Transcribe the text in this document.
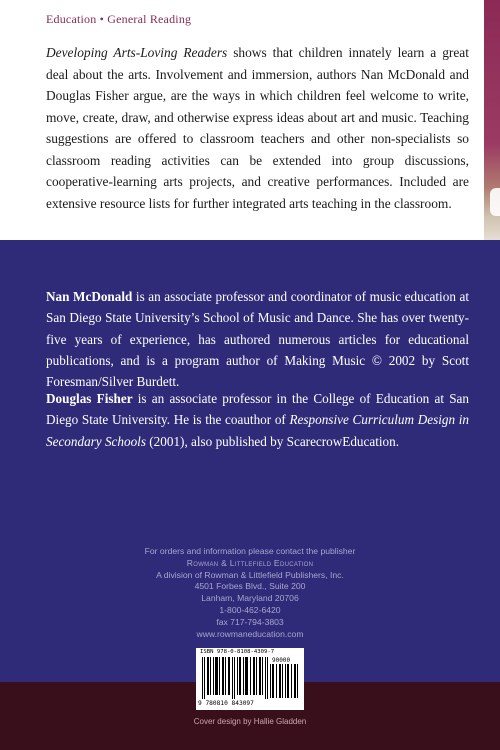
Education • General Reading
Developing Arts-Loving Readers shows that children innately learn a great deal about the arts. Involvement and immersion, authors Nan McDonald and Douglas Fisher argue, are the ways in which children feel welcome to write, move, create, draw, and otherwise express ideas about art and music. Teaching suggestions are offered to classroom teachers and other non-specialists so classroom reading activities can be extended into group discussions, cooperative-learning arts projects, and creative performances. Included are extensive resource lists for further integrated arts teaching in the classroom.
Nan McDonald is an associate professor and coordinator of music education at San Diego State University’s School of Music and Dance. She has over twenty-five years of experience, has authored numerous articles for educational publications, and is a program author of Making Music © 2002 by Scott Foresman/Silver Burdett.
Douglas Fisher is an associate professor in the College of Education at San Diego State University. He is the coauthor of Responsive Curriculum Design in Secondary Schools (2001), also published by ScarecrowEducation.
For orders and information please contact the publisher
Rowman & Littlefield Education
A division of Rowman & Littlefield Publishers, Inc.
4501 Forbes Blvd., Suite 200
Lanham, Maryland 20706
1-800-462-6420
fax 717-794-3803
www.rowmaneducation.com
ISBN 978-0-8108-4309-7
90000
9 780810 843097
Cover design by Hallie Gladden
